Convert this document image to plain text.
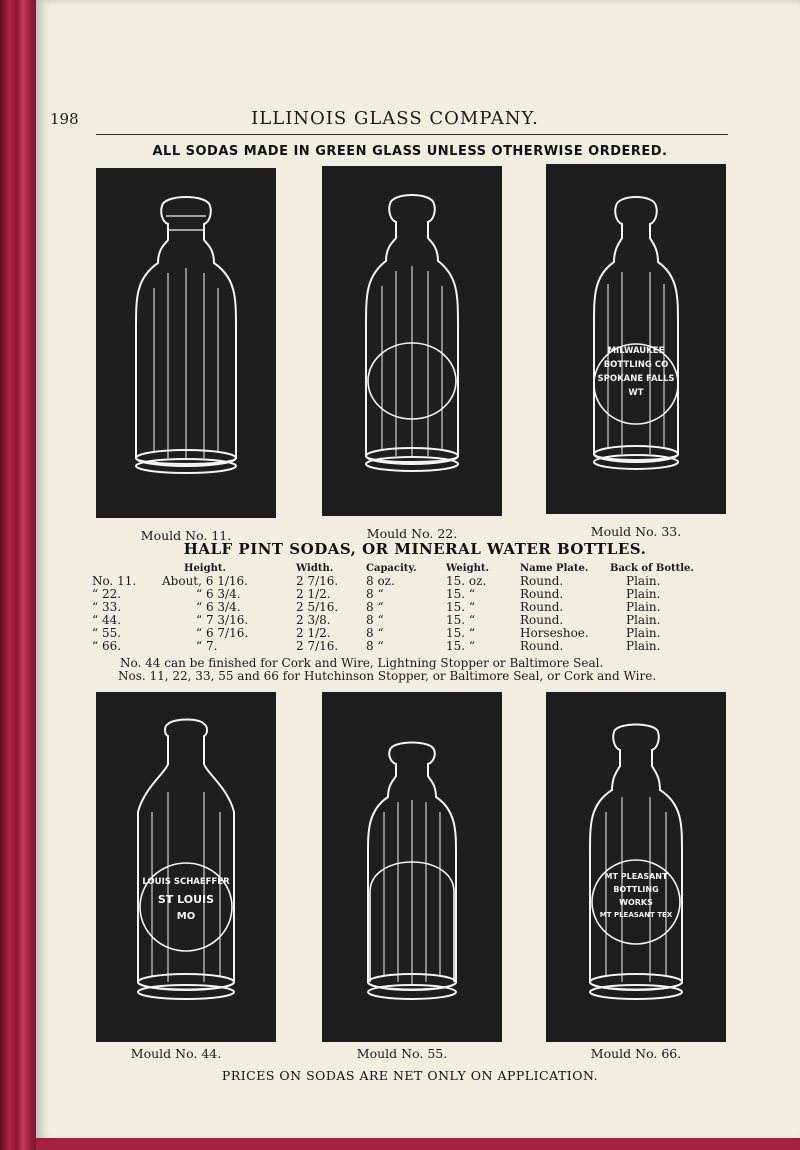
198	ILLINOIS GLASS COMPANY.
ALL SODAS MADE IN GREEN GLASS UNLESS OTHERWISE ORDERED.
MILWAUKEE
BOTTLING CO
SPOKANE FALLS
WT
Mould No. 11.	Mould No. 22.	Mould No. 33.
HALF PINT SODAS, OR MINERAL WATER BOTTLES.
	Height.	Width.	Capacity.	Weight.	Name Plate.	Back of Bottle.
No. 11.	About, 6 1/16.	2 7/16.	8 oz.	15. oz.	Round.	Plain.
“ 22.	“ 6 3/4.	2 1/2.	8 “	15. “	Round.	Plain.
“ 33.	“ 6 3/4.	2 5/16.	8 “	15. “	Round.	Plain.
“ 44.	“ 7 3/16.	2 3/8.	8 “	15. “	Round.	Plain.
“ 55.	“ 6 7/16.	2 1/2.	8 “	15. “	Horseshoe.	Plain.
“ 66.	“ 7.	2 7/16.	8 “	15. “	Round.	Plain.
No. 44 can be finished for Cork and Wire, Lightning Stopper or Baltimore Seal.
Nos. 11, 22, 33, 55 and 66 for Hutchinson Stopper, or Baltimore Seal, or Cork and Wire.
LOUIS SCHAEFFER
ST LOUIS
MO
MT PLEASANT
BOTTLING
WORKS
MT PLEASANT TEX
Mould No. 44.	Mould No. 55.	Mould No. 66.
PRICES ON SODAS ARE NET ONLY ON APPLICATION.
